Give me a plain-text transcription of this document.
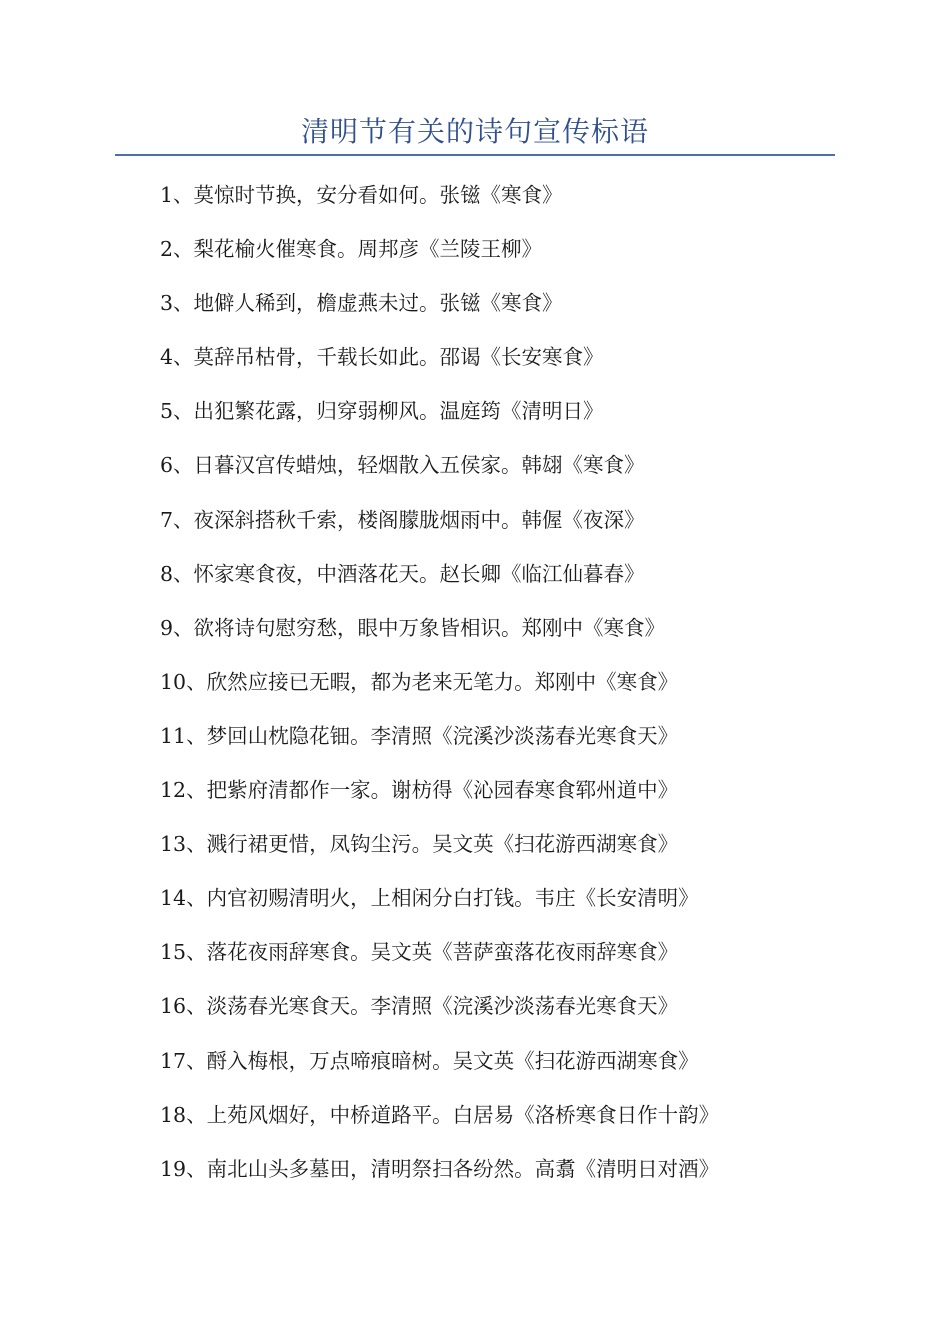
清明节有关的诗句宣传标语
1、莫惊时节换，安分看如何。张镃《寒食》
2、梨花榆火催寒食。周邦彦《兰陵王柳》
3、地僻人稀到，檐虚燕未过。张镃《寒食》
4、莫辞吊枯骨，千载长如此。邵谒《长安寒食》
5、出犯繁花露，归穿弱柳风。温庭筠《清明日》
6、日暮汉宫传蜡烛，轻烟散入五侯家。韩翃《寒食》
7、夜深斜搭秋千索，楼阁朦胧烟雨中。韩偓《夜深》
8、怀家寒食夜，中酒落花天。赵长卿《临江仙暮春》
9、欲将诗句慰穷愁，眼中万象皆相识。郑刚中《寒食》
10、欣然应接已无暇，都为老来无笔力。郑刚中《寒食》
11、梦回山枕隐花钿。李清照《浣溪沙淡荡春光寒食天》
12、把紫府清都作一家。谢枋得《沁园春寒食郓州道中》
13、溅行裙更惜，凤钩尘污。吴文英《扫花游西湖寒食》
14、内官初赐清明火，上相闲分白打钱。韦庄《长安清明》
15、落花夜雨辞寒食。吴文英《菩萨蛮落花夜雨辞寒食》
16、淡荡春光寒食天。李清照《浣溪沙淡荡春光寒食天》
17、酹入梅根，万点啼痕暗树。吴文英《扫花游西湖寒食》
18、上苑风烟好，中桥道路平。白居易《洛桥寒食日作十韵》
19、南北山头多墓田，清明祭扫各纷然。高翥《清明日对酒》
